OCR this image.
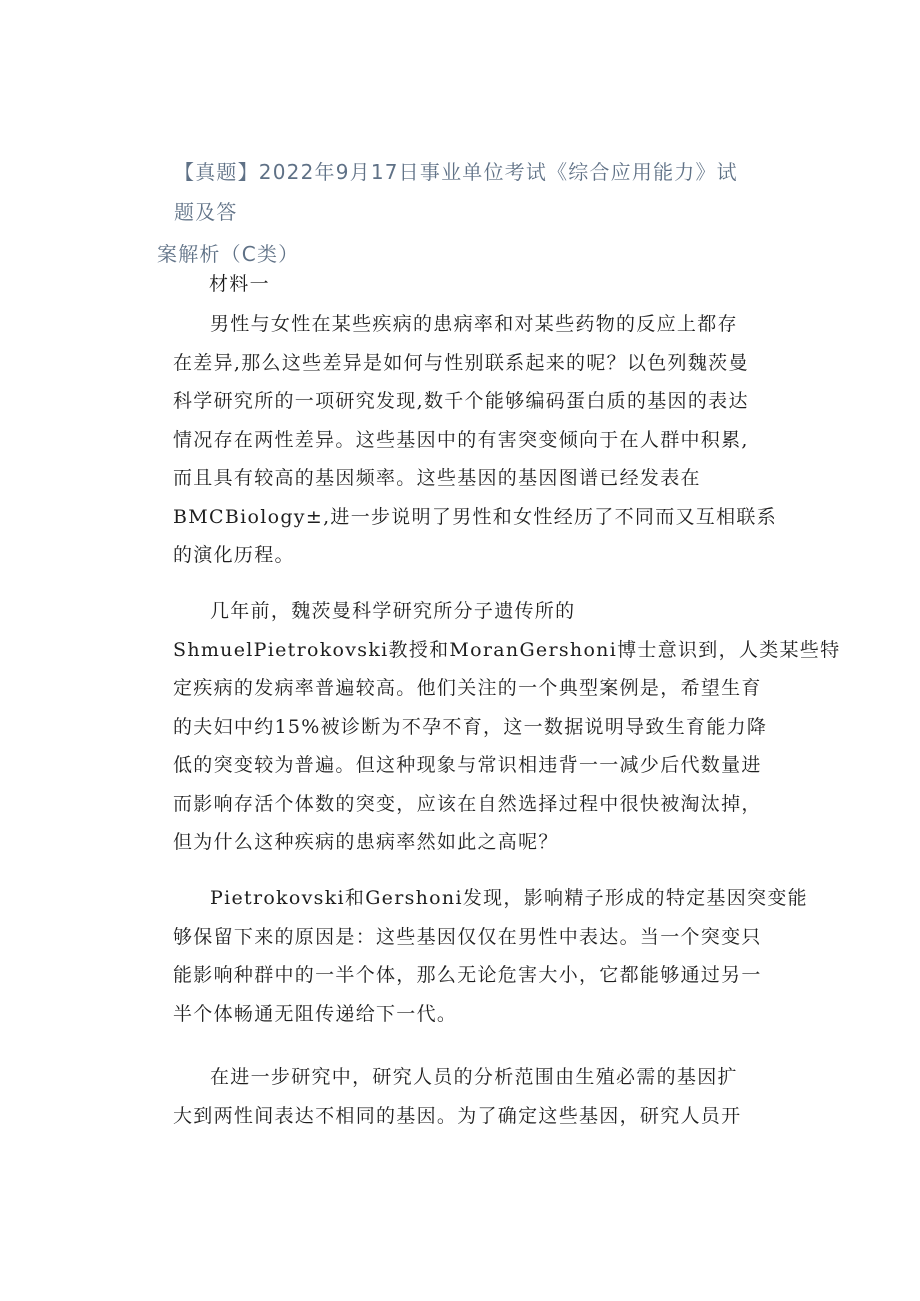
【真题】2022年9月17日事业单位考试《综合应用能力》试题及答
案解析（C类）
材料一
男性与女性在某些疾病的患病率和对某些药物的反应上都存
在差异,那么这些差异是如何与性别联系起来的呢？以色列魏茨曼
科学研究所的一项研究发现,数千个能够编码蛋白质的基因的表达
情况存在两性差异。这些基因中的有害突变倾向于在人群中积累,
而且具有较高的基因频率。这些基因的基因图谱已经发表在
BMCBiology±,进一步说明了男性和女性经历了不同而又互相联系
的演化历程。
几年前，魏茨曼科学研究所分子遗传所的
ShmuelPietrokovski教授和MoranGershoni博士意识到，人类某些特
定疾病的发病率普遍较高。他们关注的一个典型案例是，希望生育
的夫妇中约15%被诊断为不孕不育，这一数据说明导致生育能力降
低的突变较为普遍。但这种现象与常识相违背一一减少后代数量进
而影响存活个体数的突变，应该在自然选择过程中很快被淘汰掉，
但为什么这种疾病的患病率然如此之高呢？
Pietrokovski和Gershoni发现，影响精子形成的特定基因突变能
够保留下来的原因是：这些基因仅仅在男性中表达。当一个突变只
能影响种群中的一半个体，那么无论危害大小，它都能够通过另一
半个体畅通无阻传递给下一代。
在进一步研究中，研究人员的分析范围由生殖必需的基因扩
大到两性间表达不相同的基因。为了确定这些基因，研究人员开
